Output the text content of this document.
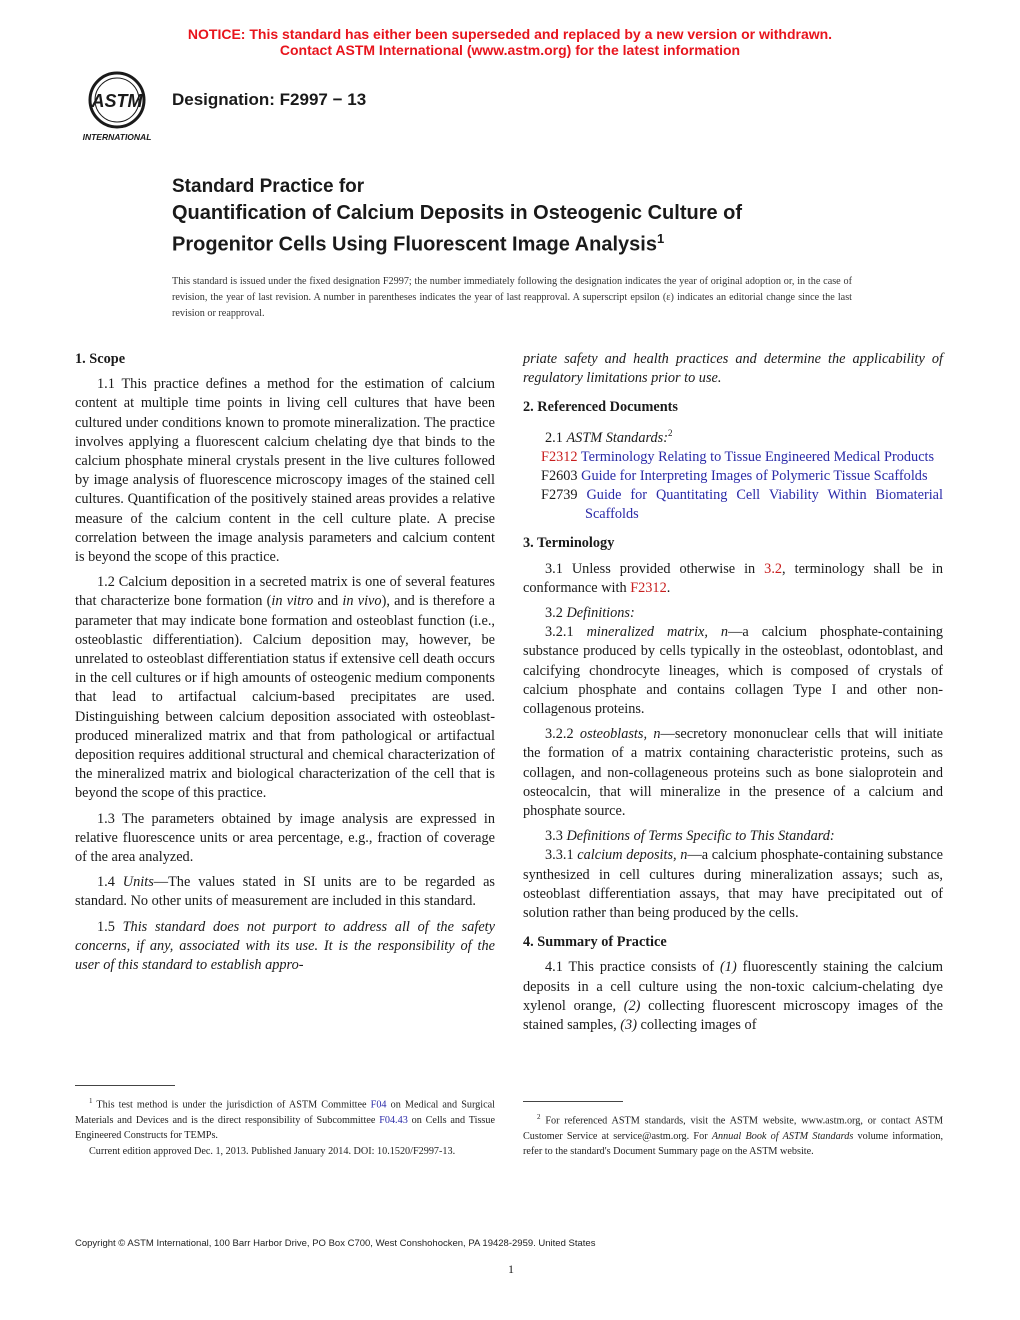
NOTICE: This standard has either been superseded and replaced by a new version or withdrawn.
Contact ASTM International (www.astm.org) for the latest information
ASTM
INTERNATIONAL
Designation: F2997 − 13
Standard Practice for
Quantification of Calcium Deposits in Osteogenic Culture of
Progenitor Cells Using Fluorescent Image Analysis$^1$
This standard is issued under the fixed designation F2997; the number immediately following the designation indicates the year of original adoption or, in the case of revision, the year of last revision. A number in parentheses indicates the year of last reapproval. A superscript epsilon (ε) indicates an editorial change since the last revision or reapproval.
1. Scope

1.1 This practice defines a method for the estimation of calcium content at multiple time points in living cell cultures that have been cultured under conditions known to promote mineralization. The practice involves applying a fluorescent calcium chelating dye that binds to the calcium phosphate mineral crystals present in the live cultures followed by image analysis of fluorescence microscopy images of the stained cell cultures. Quantification of the positively stained areas provides a relative measure of the calcium content in the cell culture plate. A precise correlation between the image analysis parameters and calcium content is beyond the scope of this practice.

1.2 Calcium deposition in a secreted matrix is one of several features that characterize bone formation (in vitro and in vivo), and is therefore a parameter that may indicate bone formation and osteoblast function (i.e., osteoblastic differentiation). Calcium deposition may, however, be unrelated to osteoblast differentiation status if extensive cell death occurs in the cell cultures or if high amounts of osteogenic medium components that lead to artifactual calcium-based precipitates are used. Distinguishing between calcium deposition associated with osteoblast-produced mineralized matrix and that from pathological or artifactual deposition requires additional structural and chemical characterization of the mineralized matrix and biological characterization of the cell that is beyond the scope of this practice.

1.3 The parameters obtained by image analysis are expressed in relative fluorescence units or area percentage, e.g., fraction of coverage of the area analyzed.

1.4 Units—The values stated in SI units are to be regarded as standard. No other units of measurement are included in this standard.

1.5 This standard does not purport to address all of the safety concerns, if any, associated with its use. It is the responsibility of the user of this standard to establish appro-

priate safety and health practices and determine the applicability of regulatory limitations prior to use.

2. Referenced Documents

2.1 ASTM Standards:$^2$

F2312 Terminology Relating to Tissue Engineered Medical Products
F2603 Guide for Interpreting Images of Polymeric Tissue Scaffolds
F2739 Guide for Quantitating Cell Viability Within Biomaterial Scaffolds
3. Terminology

3.1 Unless provided otherwise in 3.2, terminology shall be in conformance with F2312.

3.2 Definitions:

3.2.1 mineralized matrix, n—a calcium phosphate-containing substance produced by cells typically in the osteoblast, odontoblast, and calcifying chondrocyte lineages, which is composed of crystals of calcium phosphate and contains collagen Type I and other non-collagenous proteins.

3.2.2 osteoblasts, n—secretory mononuclear cells that will initiate the formation of a matrix containing characteristic proteins, such as collagen, and non-collageneous proteins such as bone sialoprotein and osteocalcin, that will mineralize in the presence of a calcium and phosphate source.

3.3 Definitions of Terms Specific to This Standard:

3.3.1 calcium deposits, n—a calcium phosphate-containing substance synthesized in cell cultures during mineralization assays; such as, osteoblast differentiation assays, that may have precipitated out of solution rather than being produced by the cells.

4. Summary of Practice

4.1 This practice consists of (1) fluorescently staining the calcium deposits in a cell culture using the non-toxic calcium-chelating dye xylenol orange, (2) collecting fluorescent microscopy images of the stained samples, (3) collecting images of

$^1$ This test method is under the jurisdiction of ASTM Committee F04 on Medical and Surgical Materials and Devices and is the direct responsibility of Subcommittee F04.43 on Cells and Tissue Engineered Constructs for TEMPs.
Current edition approved Dec. 1, 2013. Published January 2014. DOI: 10.1520/F2997-13.
$^2$ For referenced ASTM standards, visit the ASTM website, www.astm.org, or contact ASTM Customer Service at service@astm.org. For Annual Book of ASTM Standards volume information, refer to the standard's Document Summary page on the ASTM website.
Copyright © ASTM International, 100 Barr Harbor Drive, PO Box C700, West Conshohocken, PA 19428-2959. United States
1
